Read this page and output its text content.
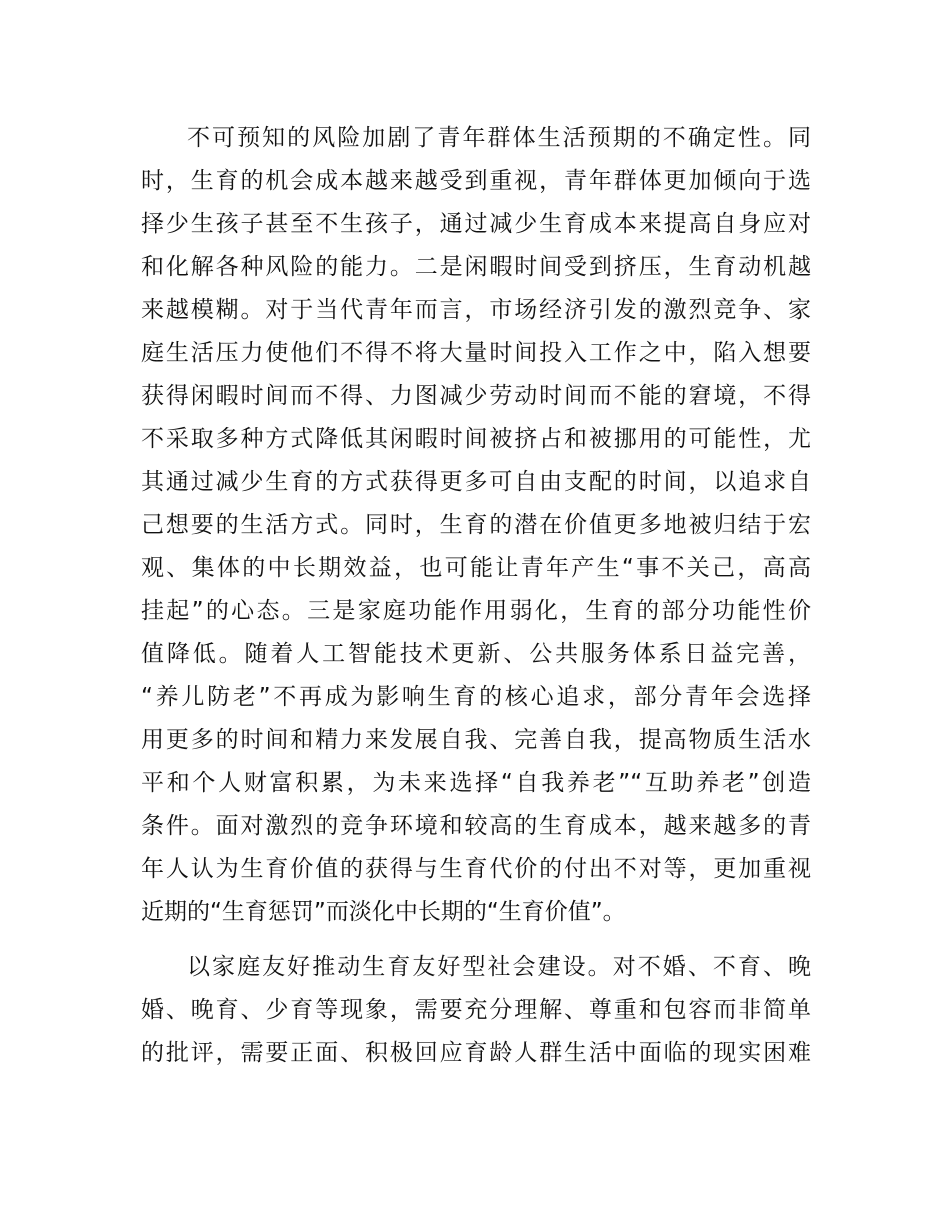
不可预知的风险加剧了青年群体生活预期的不确定性。同
时，生育的机会成本越来越受到重视，青年群体更加倾向于选
择少生孩子甚至不生孩子，通过减少生育成本来提高自身应对
和化解各种风险的能力。二是闲暇时间受到挤压，生育动机越
来越模糊。对于当代青年而言，市场经济引发的激烈竞争、家
庭生活压力使他们不得不将大量时间投入工作之中，陷入想要
获得闲暇时间而不得、力图减少劳动时间而不能的窘境，不得
不采取多种方式降低其闲暇时间被挤占和被挪用的可能性，尤
其通过减少生育的方式获得更多可自由支配的时间，以追求自
己想要的生活方式。同时，生育的潜在价值更多地被归结于宏
观、集体的中长期效益，也可能让青年产生“事不关己，高高
挂起”的心态。三是家庭功能作用弱化，生育的部分功能性价
值降低。随着人工智能技术更新、公共服务体系日益完善，
“养儿防老”不再成为影响生育的核心追求，部分青年会选择
用更多的时间和精力来发展自我、完善自我，提高物质生活水
平和个人财富积累，为未来选择“自我养老”“互助养老”创造
条件。面对激烈的竞争环境和较高的生育成本，越来越多的青
年人认为生育价值的获得与生育代价的付出不对等，更加重视
近期的“生育惩罚”而淡化中长期的“生育价值”。
以家庭友好推动生育友好型社会建设。对不婚、不育、晚
婚、晚育、少育等现象，需要充分理解、尊重和包容而非简单
的批评，需要正面、积极回应育龄人群生活中面临的现实困难
